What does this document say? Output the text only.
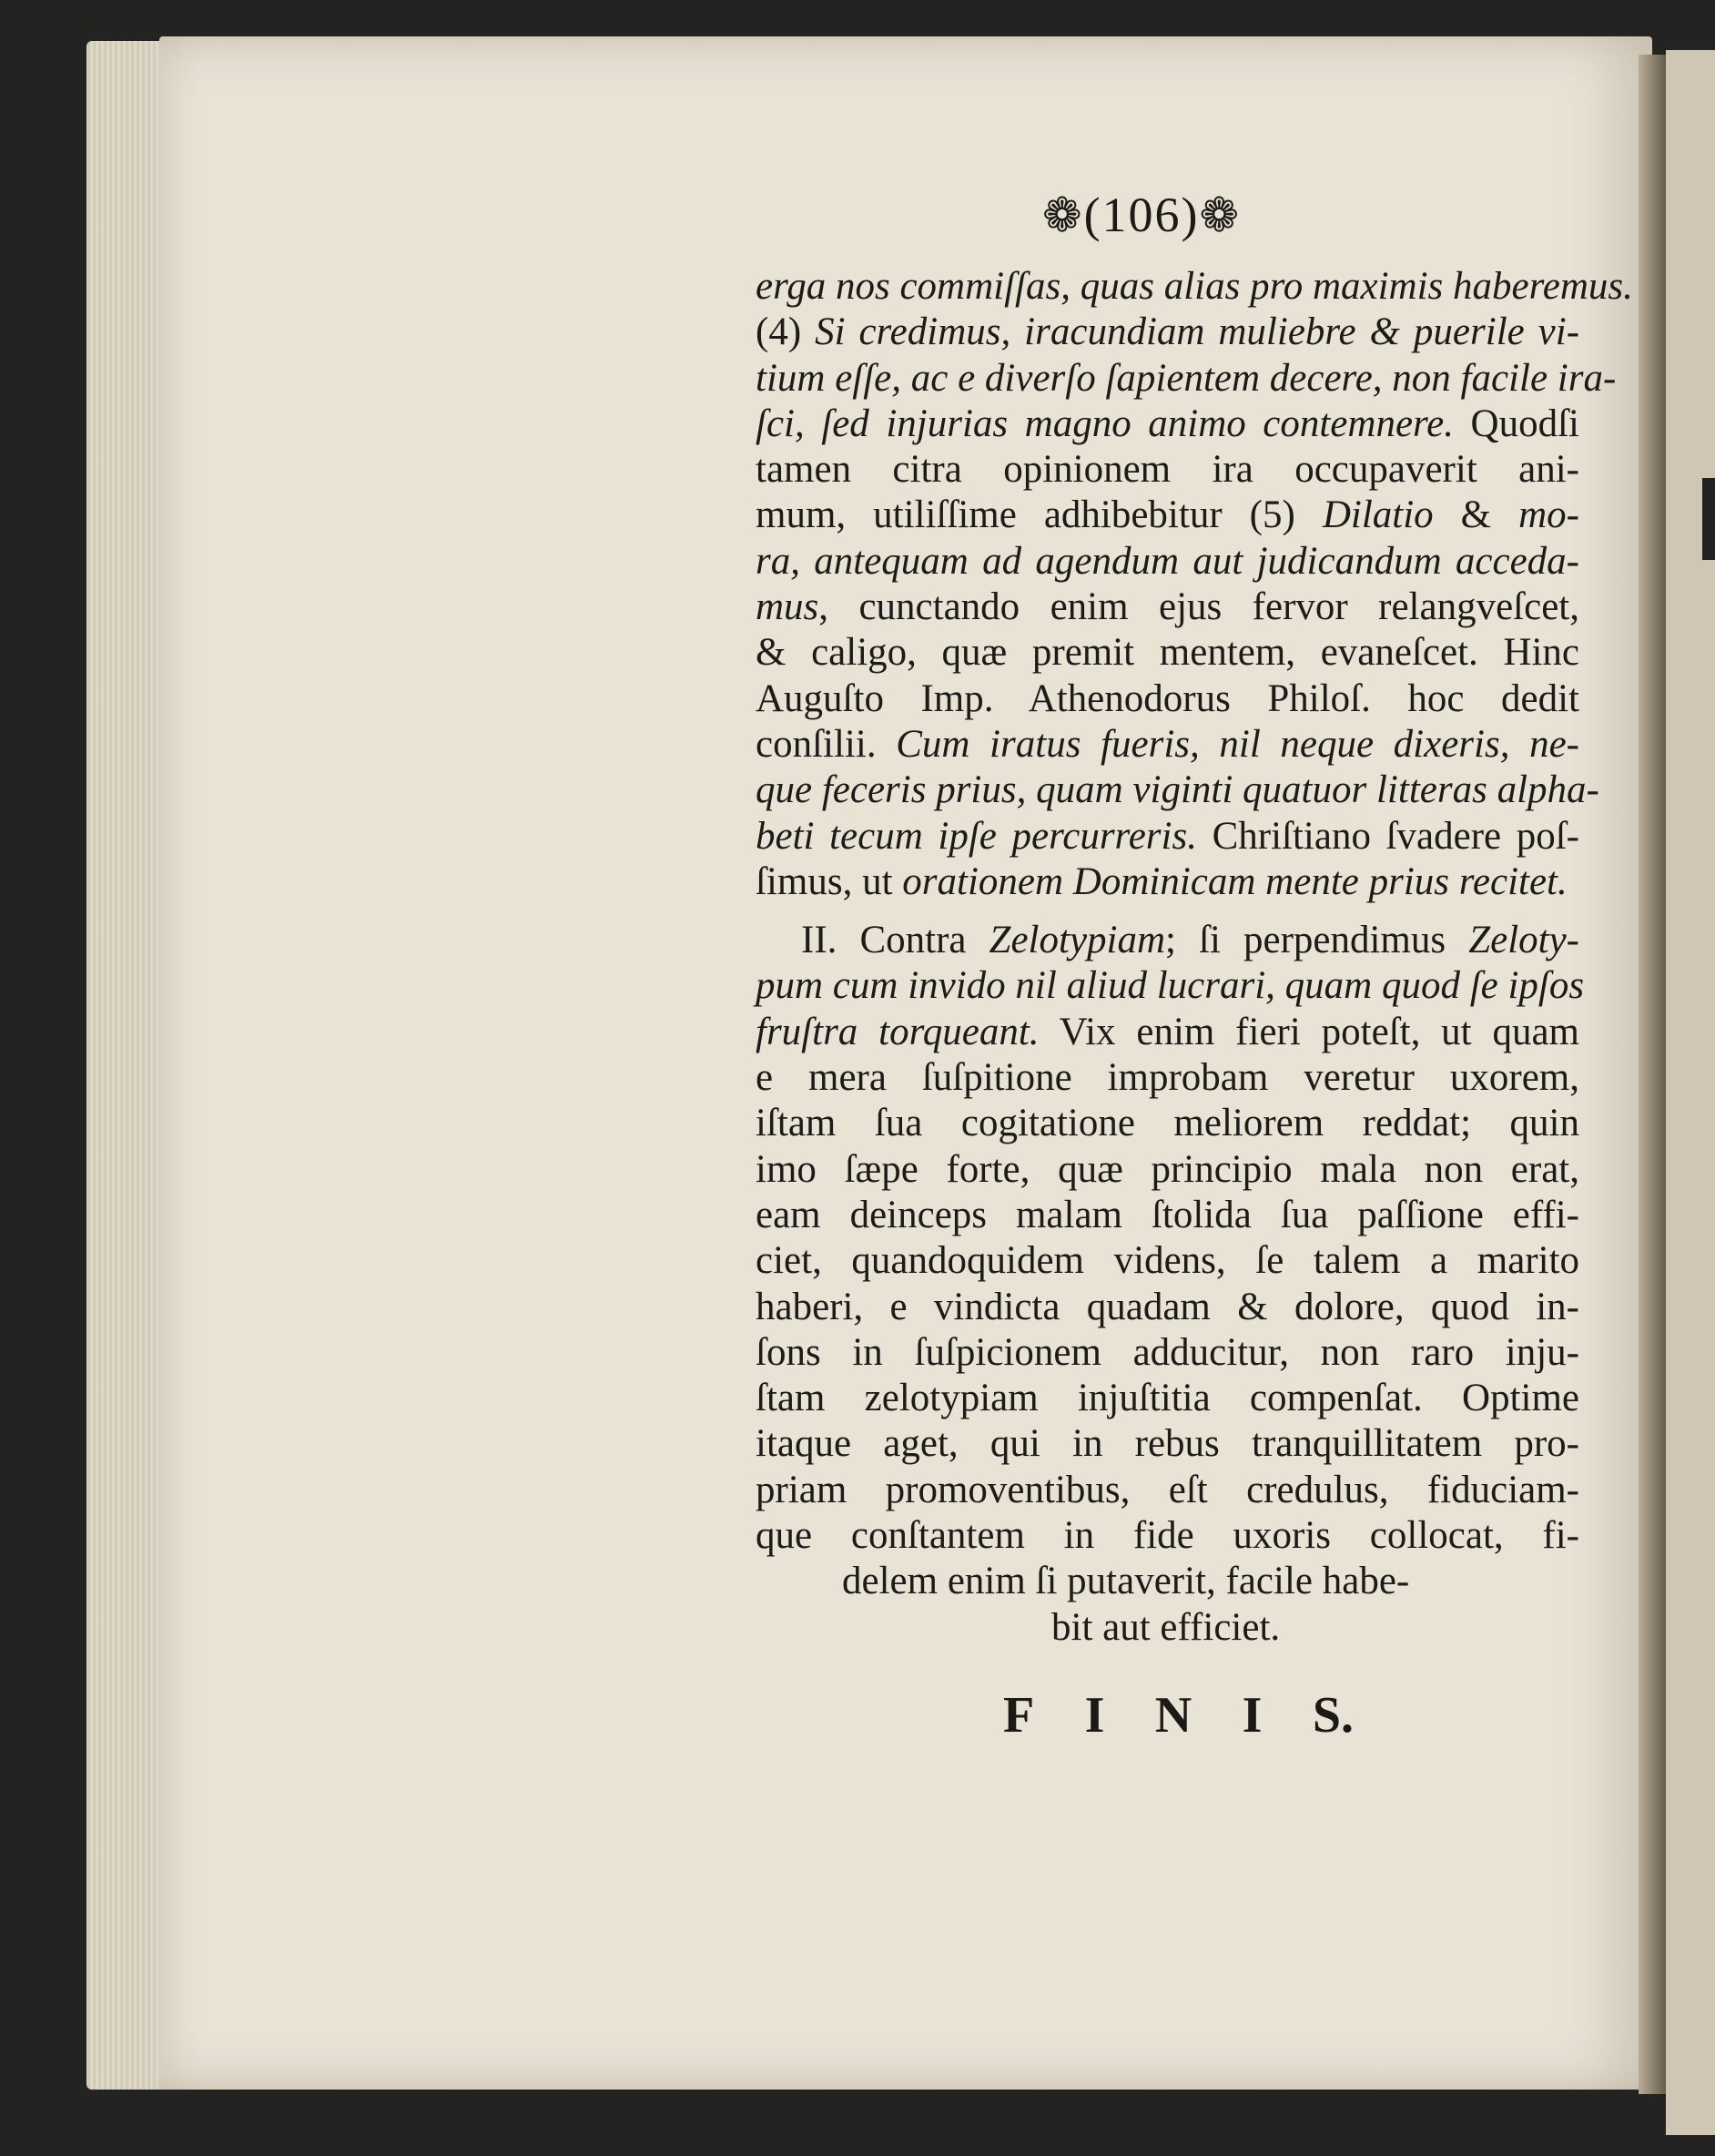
❁(106)❁
erga nos commiſſas, quas alias pro maximis haberemus.
(4) Si credimus, iracundiam muliebre & puerile vi-
tium eſſe, ac e diverſo ſapientem decere, non facile ira-
ſci, ſed injurias magno animo contemnere. Quodſi
tamen citra opinionem ira occupaverit ani-
mum, utiliſſime adhibebitur (5) Dilatio & mo-
ra, antequam ad agendum aut judicandum acceda-
mus, cunctando enim ejus fervor relangveſcet,
& caligo, quæ premit mentem, evaneſcet. Hinc
Auguſto Imp. Athenodorus Philoſ. hoc dedit
conſilii. Cum iratus fueris, nil neque dixeris, ne-
que feceris prius, quam viginti quatuor litteras alpha-
beti tecum ipſe percurreris. Chriſtiano ſvadere poſ-
ſimus, ut orationem Dominicam mente prius recitet.
II. Contra Zelotypiam; ſi perpendimus Zeloty-
pum cum invido nil aliud lucrari, quam quod ſe ipſos
fruſtra torqueant. Vix enim fieri poteſt, ut quam
e mera ſuſpitione improbam veretur uxorem,
iſtam ſua cogitatione meliorem reddat; quin
imo ſæpe forte, quæ principio mala non erat,
eam deinceps malam ſtolida ſua paſſione effi-
ciet, quandoquidem videns, ſe talem a marito
haberi, e vindicta quadam & dolore, quod in-
ſons in ſuſpicionem adducitur, non raro inju-
ſtam zelotypiam injuſtitia compenſat. Optime
itaque aget, qui in rebus tranquillitatem pro-
priam promoventibus, eſt credulus, fiduciam-
que conſtantem in fide uxoris collocat, fi-
delem enim ſi putaverit, facile habe-
bit aut efficiet.
F I N I S.
